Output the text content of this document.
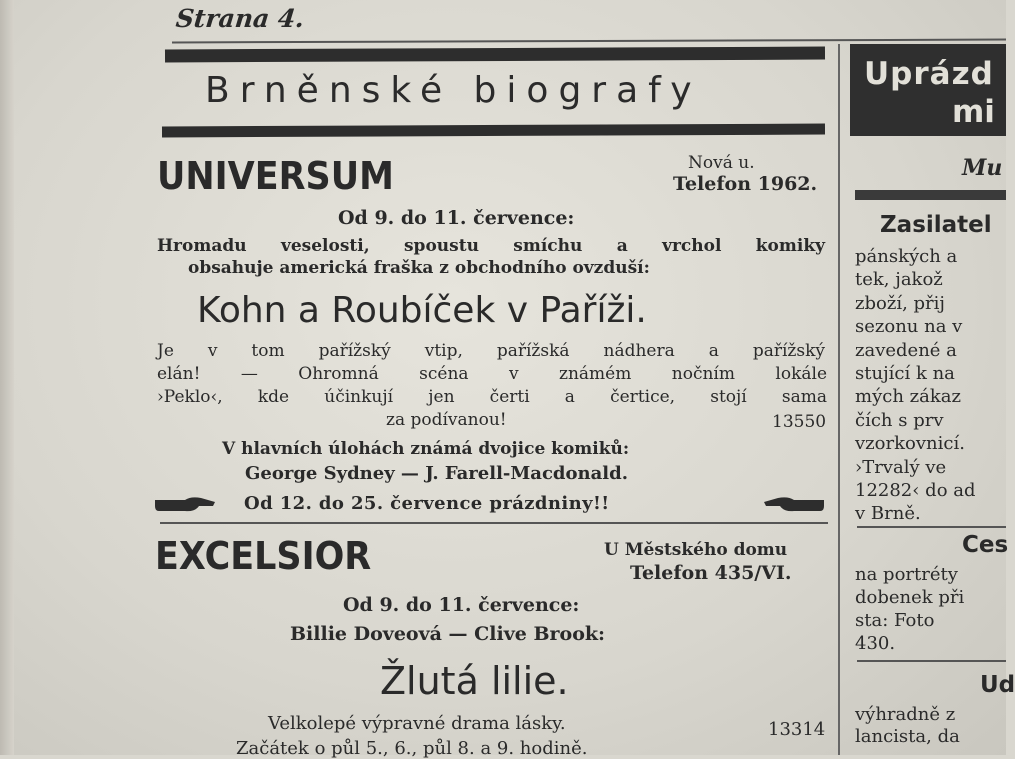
Strana 4.
Brněnské biografy
UNIVERSUM	Nová u.
Telefon 1962.
Od 9. do 11. července:
Hromadu veselosti, spoustu smíchu a vrchol komiky
obsahuje americká fraška z obchodního ovzduší:
Kohn a Roubíček v Paříži.
Je v tom pařížský vtip, pařížská nádhera a pařížský
elán! — Ohromná scéna v známém nočním lokále
›Peklo‹, kde účinkují jen čerti a čertice, stojí sama
za podívanou!	13550
V hlavních úlohách známá dvojice komiků:
George Sydney — J. Farell-Macdonald.
Od 12. do 25. července prázdniny!!
EXCELSIOR	U Městského domu
Telefon 435/VI.
Od 9. do 11. července:
Billie Doveová — Clive Brook:
Žlutá lilie.
Velkolepé výpravné drama lásky.	13314
Začátek o půl 5., 6., půl 8. a 9. hodině.
Uprázd
mi
Mu
Zasilatel
pánských a
tek, jakož
zboží, přij
sezonu na v
zavedené a
stující k na
mých zákaz
čích s prv
vzorkovnicí.
›Trvalý ve
12282‹ do ad
v Brně.
Ces
na portréty
dobenek při
sta: Foto
430.
Ud
výhradně z
lancista, da
